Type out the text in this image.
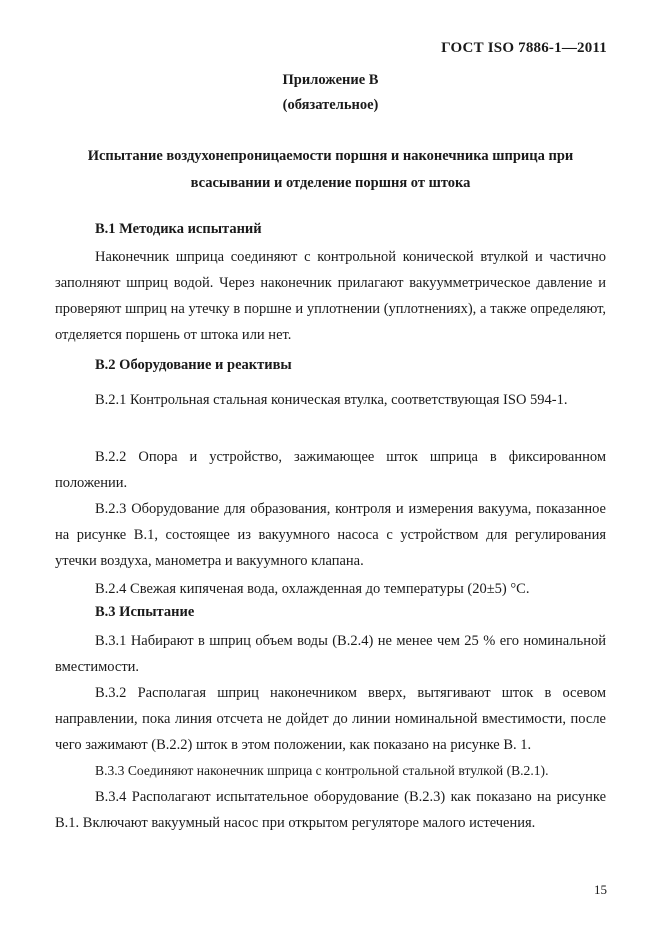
ГОСТ ISO 7886-1—2011
Приложение В
(обязательное)
Испытание воздухонепроницаемости поршня и наконечника шприца при всасывании и отделение поршня от штока
В.1 Методика испытаний

Наконечник шприца соединяют с контрольной конической втулкой и частично заполняют шприц водой. Через наконечник прилагают вакуумметрическое давление и проверяют шприц на утечку в поршне и уплотнении (уплотнениях), а также определяют, отделяется поршень от штока или нет.

В.2 Оборудование и реактивы

В.2.1 Контрольная стальная коническая втулка, соответствующая ISO 594-1.

В.2.2 Опора и устройство, зажимающее шток шприца в фиксированном положении.

В.2.3 Оборудование для образования, контроля и измерения вакуума, показанное на рисунке В.1, состоящее из вакуумного насоса с устройством для регулирования утечки воздуха, манометра и вакуумного клапана.

В.2.4 Свежая кипяченая вода, охлажденная до температуры (20±5) °С.

В.3 Испытание

В.3.1 Набирают в шприц объем воды (В.2.4) не менее чем 25 % его номинальной вместимости.

В.3.2 Располагая шприц наконечником вверх, вытягивают шток в осевом направлении, пока линия отсчета не дойдет до линии номинальной вместимости, после чего зажимают (В.2.2) шток в этом положении, как показано на рисунке В. 1.

В.3.3 Соединяют наконечник шприца с контрольной стальной втулкой (В.2.1).

В.3.4 Располагают испытательное оборудование (В.2.3) как показано на рисунке В.1. Включают вакуумный насос при открытом регуляторе малого истечения.

15
